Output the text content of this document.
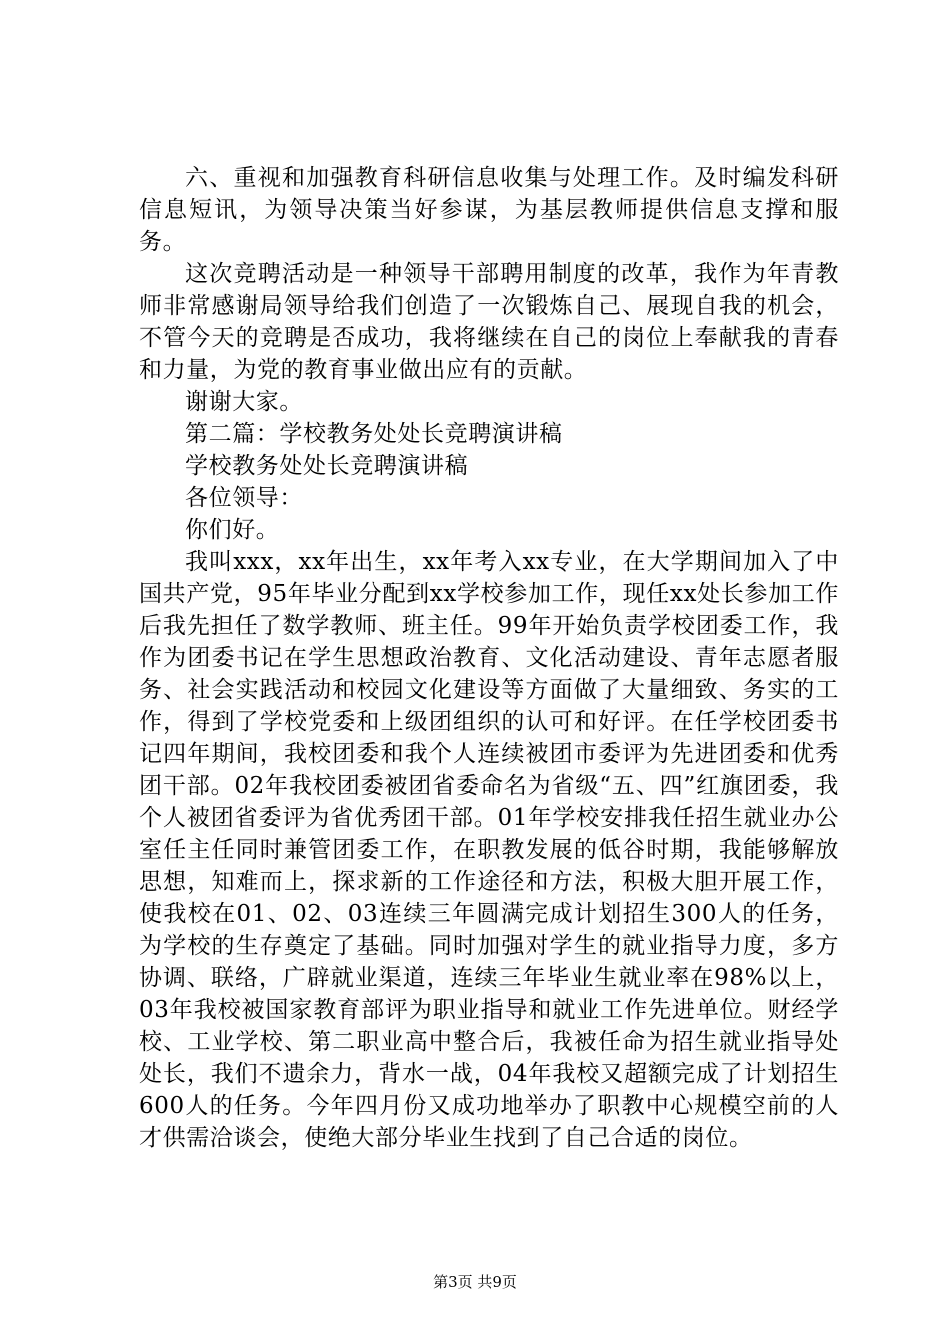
六、重视和加强教育科研信息收集与处理工作。及时编发科研信息短讯，为领导决策当好参谋，为基层教师提供信息支撑和服务。

这次竞聘活动是一种领导干部聘用制度的改革，我作为年青教师非常感谢局领导给我们创造了一次锻炼自己、展现自我的机会，不管今天的竞聘是否成功，我将继续在自己的岗位上奉献我的青春和力量，为党的教育事业做出应有的贡献。

谢谢大家。

第二篇：学校教务处处长竞聘演讲稿

学校教务处处长竞聘演讲稿

各位领导：

你们好。

我叫xxx，xx年出生，xx年考入xx专业，在大学期间加入了中国共产党，95年毕业分配到xx学校参加工作，现任xx处长参加工作后我先担任了数学教师、班主任。99年开始负责学校团委工作，我作为团委书记在学生思想政治教育、文化活动建设、青年志愿者服务、社会实践活动和校园文化建设等方面做了大量细致、务实的工作，得到了学校党委和上级团组织的认可和好评。在任学校团委书记四年期间，我校团委和我个人连续被团市委评为先进团委和优秀团干部。02年我校团委被团省委命名为省级“五、四”红旗团委，我个人被团省委评为省优秀团干部。01年学校安排我任招生就业办公室任主任同时兼管团委工作，在职教发展的低谷时期，我能够解放思想，知难而上，探求新的工作途径和方法，积极大胆开展工作，使我校在01、02、03连续三年圆满完成计划招生300人的任务，为学校的生存奠定了基础。同时加强对学生的就业指导力度，多方协调、联络，广辟就业渠道，连续三年毕业生就业率在98%以上，03年我校被国家教育部评为职业指导和就业工作先进单位。财经学校、工业学校、第二职业高中整合后，我被任命为招生就业指导处处长，我们不遗余力，背水一战，04年我校又超额完成了计划招生600人的任务。今年四月份又成功地举办了职教中心规模空前的人才供需洽谈会，使绝大部分毕业生找到了自己合适的岗位。

第3页 共9页
